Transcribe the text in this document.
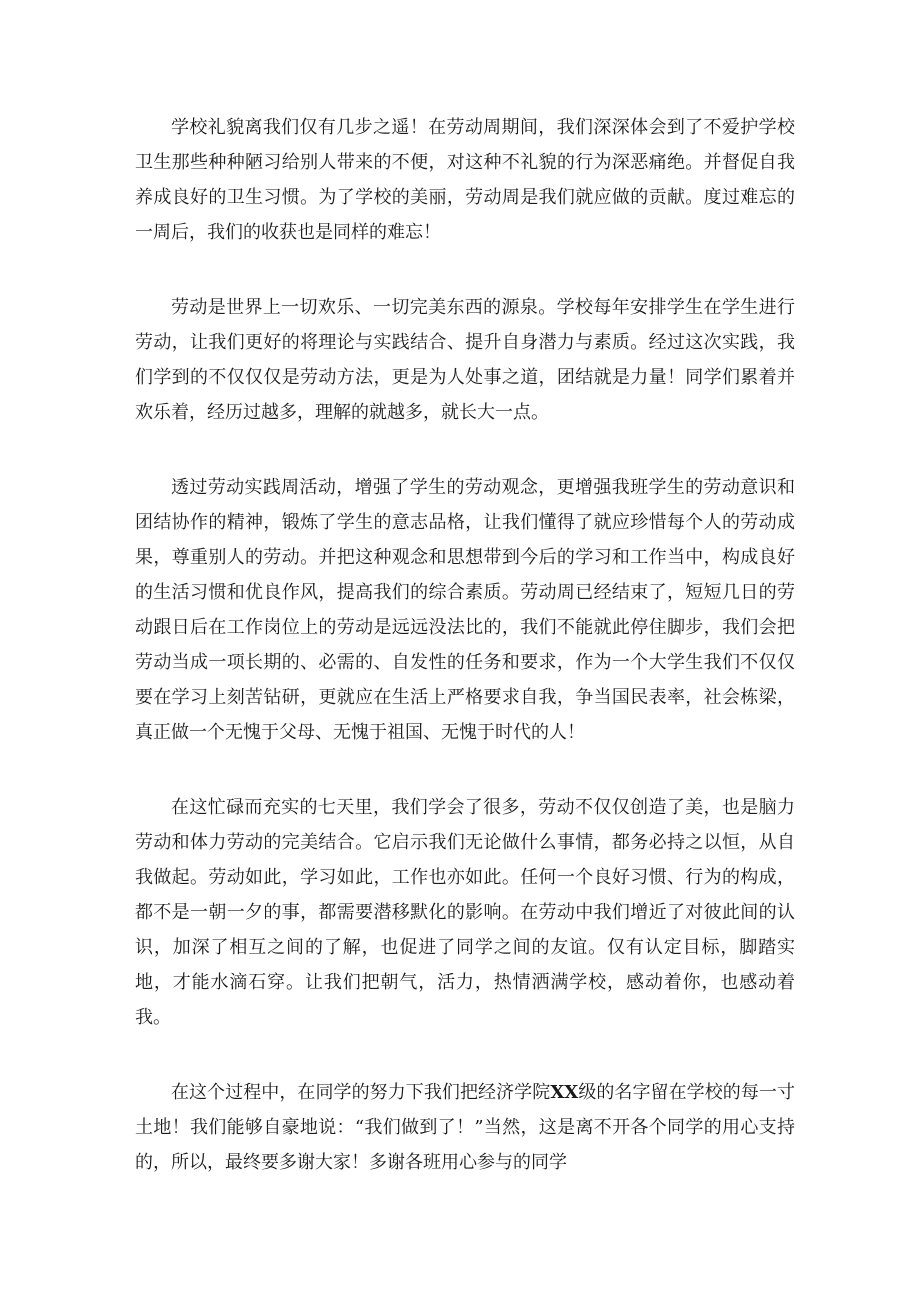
学校礼貌离我们仅有几步之遥！在劳动周期间，我们深深体会到了不爱护学校卫生那些种种陋习给别人带来的不便，对这种不礼貌的行为深恶痛绝。并督促自我养成良好的卫生习惯。为了学校的美丽，劳动周是我们就应做的贡献。度过难忘的一周后，我们的收获也是同样的难忘！

劳动是世界上一切欢乐、一切完美东西的源泉。学校每年安排学生在学生进行劳动，让我们更好的将理论与实践结合、提升自身潜力与素质。经过这次实践，我们学到的不仅仅仅是劳动方法，更是为人处事之道，团结就是力量！同学们累着并欢乐着，经历过越多，理解的就越多，就长大一点。

透过劳动实践周活动，增强了学生的劳动观念，更增强我班学生的劳动意识和团结协作的精神，锻炼了学生的意志品格，让我们懂得了就应珍惜每个人的劳动成果，尊重别人的劳动。并把这种观念和思想带到今后的学习和工作当中，构成良好的生活习惯和优良作风，提高我们的综合素质。劳动周已经结束了，短短几日的劳动跟日后在工作岗位上的劳动是远远没法比的，我们不能就此停住脚步，我们会把劳动当成一项长期的、必需的、自发性的任务和要求，作为一个大学生我们不仅仅要在学习上刻苦钻研，更就应在生活上严格要求自我，争当国民表率，社会栋梁，真正做一个无愧于父母、无愧于祖国、无愧于时代的人！

在这忙碌而充实的七天里，我们学会了很多，劳动不仅仅创造了美，也是脑力劳动和体力劳动的完美结合。它启示我们无论做什么事情，都务必持之以恒，从自我做起。劳动如此，学习如此，工作也亦如此。任何一个良好习惯、行为的构成，都不是一朝一夕的事，都需要潜移默化的影响。在劳动中我们增近了对彼此间的认识，加深了相互之间的了解，也促进了同学之间的友谊。仅有认定目标，脚踏实地，才能水滴石穿。让我们把朝气，活力，热情洒满学校，感动着你，也感动着我。

在这个过程中，在同学的努力下我们把经济学院XX级的名字留在学校的每一寸土地！我们能够自豪地说：“我们做到了！”当然，这是离不开各个同学的用心支持的，所以，最终要多谢大家！多谢各班用心参与的同学
